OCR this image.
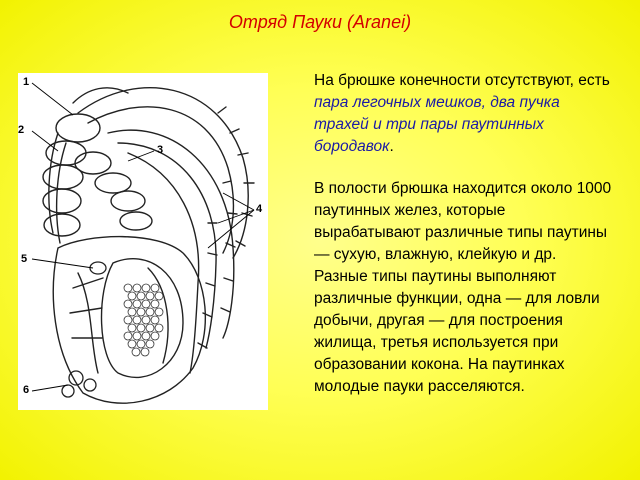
Отряд Пауки (Aranei)
1
2
3
4
5
6
На брюшке конечности отсутствуют, есть пара легочных мешков, два пучка трахей и три пары паутинных бородавок.
В полости брюшка находится около 1000 паутинных желез, которые вырабатывают различные типы паутины — сухую, влажную, клейкую и др. Разные типы паутины выполняют различные функции, одна — для ловли добычи, другая — для построения жилища, третья используется при образовании кокона. На паутинках молодые пауки расселяются.
